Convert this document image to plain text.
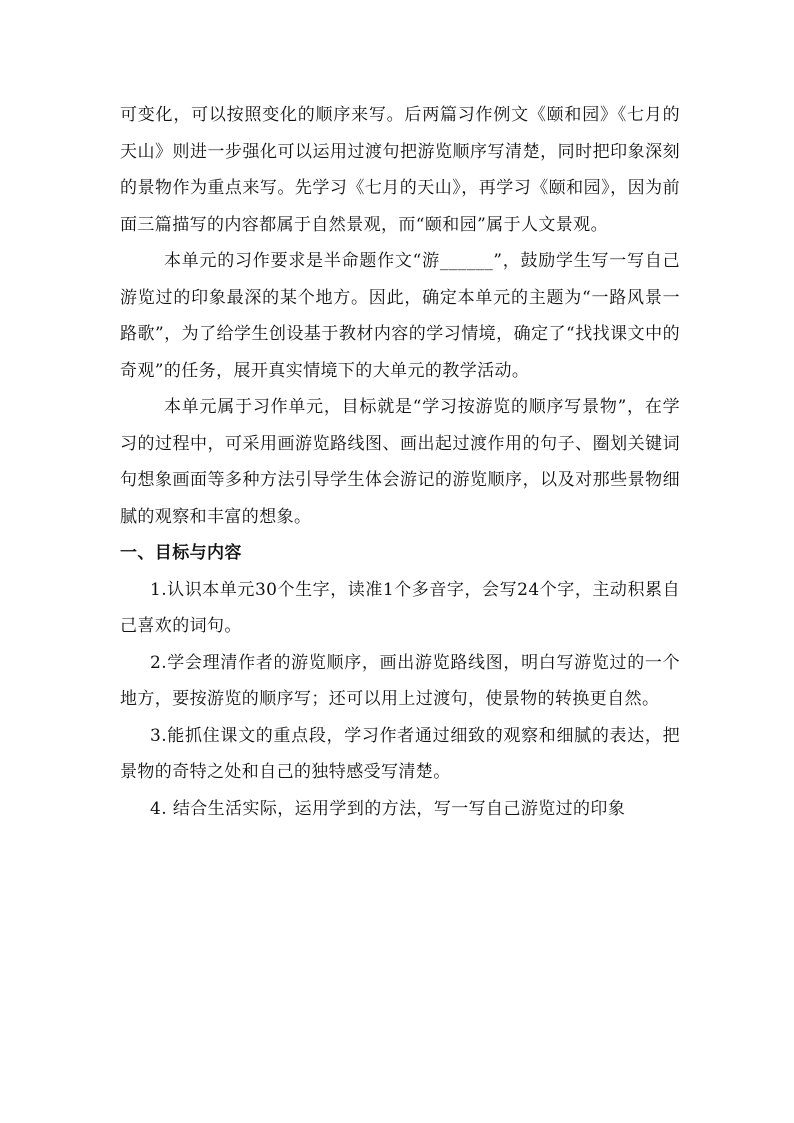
可变化，可以按照变化的顺序来写。后两篇习作例文《颐和园》《七月的天山》则进一步强化可以运用过渡句把游览顺序写清楚，同时把印象深刻的景物作为重点来写。先学习《七月的天山》，再学习《颐和园》，因为前面三篇描写的内容都属于自然景观，而“颐和园”属于人文景观。

本单元的习作要求是半命题作文“游______”，鼓励学生写一写自己游览过的印象最深的某个地方。因此，确定本单元的主题为“一路风景一路歌”，为了给学生创设基于教材内容的学习情境，确定了“找找课文中的奇观”的任务，展开真实情境下的大单元的教学活动。

本单元属于习作单元，目标就是“学习按游览的顺序写景物”，在学习的过程中，可采用画游览路线图、画出起过渡作用的句子、圈划关键词句想象画面等多种方法引导学生体会游记的游览顺序，以及对那些景物细腻的观察和丰富的想象。

一、目标与内容

1.认识本单元30个生字，读准1个多音字，会写24个字，主动积累自己喜欢的词句。

2.学会理清作者的游览顺序，画出游览路线图，明白写游览过的一个地方，要按游览的顺序写；还可以用上过渡句，使景物的转换更自然。

3.能抓住课文的重点段，学习作者通过细致的观察和细腻的表达，把景物的奇特之处和自己的独特感受写清楚。

4. 结合生活实际，运用学到的方法，写一写自己游览过的印象
